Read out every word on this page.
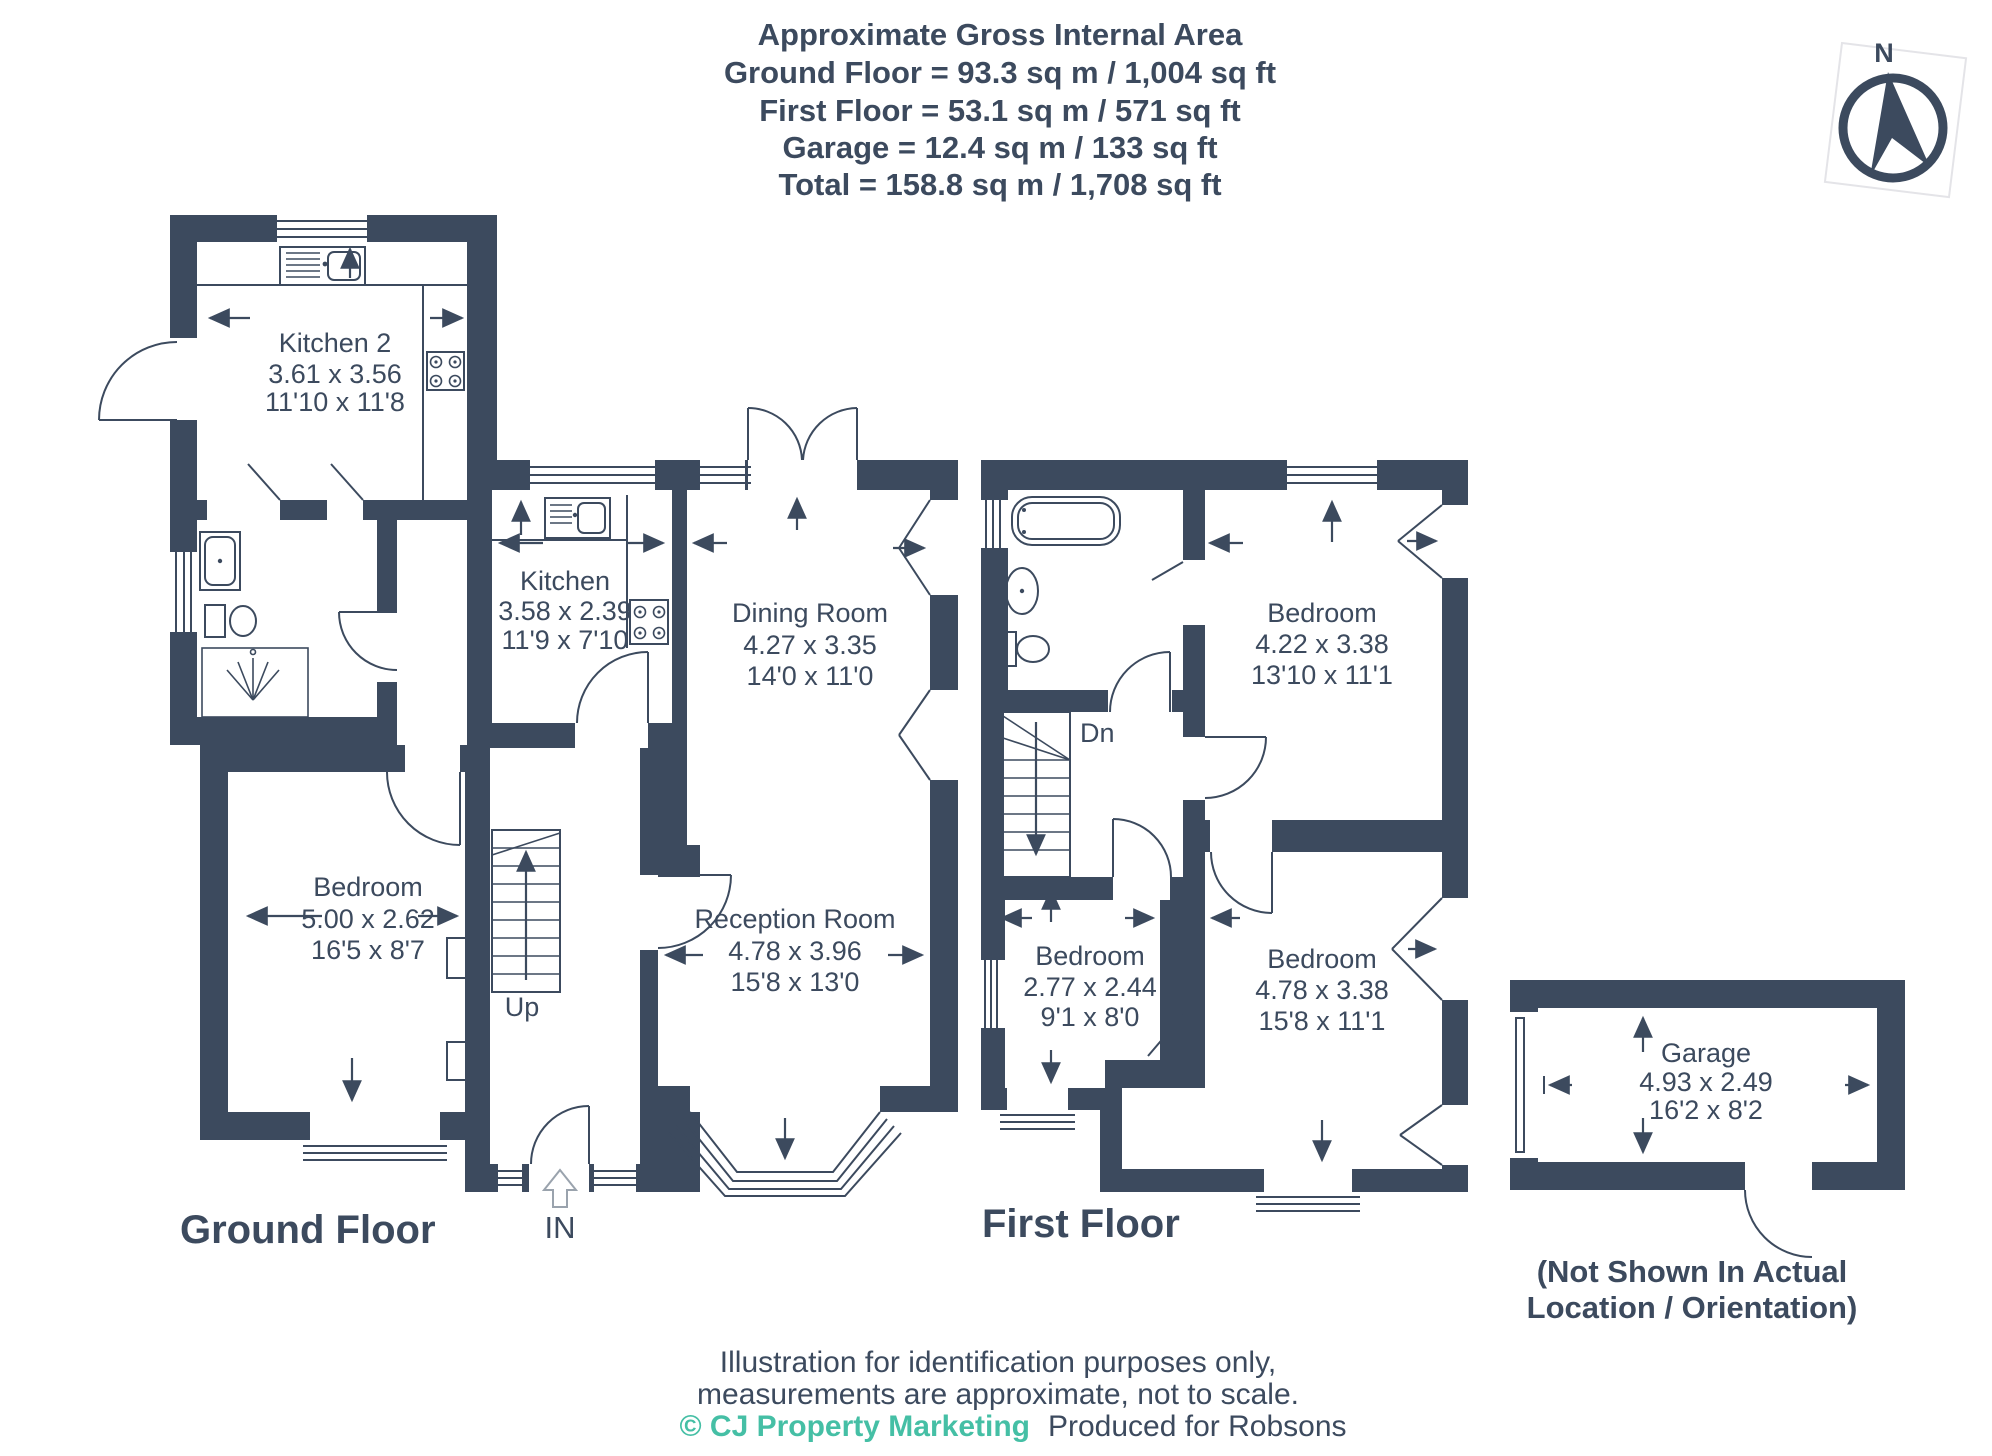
Approximate Gross Internal Area
Ground Floor = 93.3 sq m / 1,004 sq ft
First Floor = 53.1 sq m / 571 sq ft
Garage = 12.4 sq m / 133 sq ft
Total = 158.8 sq m / 1,708 sq ft
N
Up
IN
Kitchen 2
3.61 x 3.56
11'10 x 11'8
Kitchen
3.58 x 2.39
11'9 x 7'10
Dining Room
4.27 x 3.35
14'0 x 11'0
Reception Room
4.78 x 3.96
15'8 x 13'0
Bedroom
5.00 x 2.62
16'5 x 8'7
Dn
Bedroom
4.22 x 3.38
13'10 x 11'1
Bedroom
2.77 x 2.44
9'1 x 8'0
Bedroom
4.78 x 3.38
15'8 x 11'1
Garage
4.93 x 2.49
16'2 x 8'2
(Not Shown In Actual
Location / Orientation)
Ground Floor	First Floor
Illustration for identification purposes only,
measurements are approximate, not to scale.
© CJ Property Marketing Produced for Robsons
